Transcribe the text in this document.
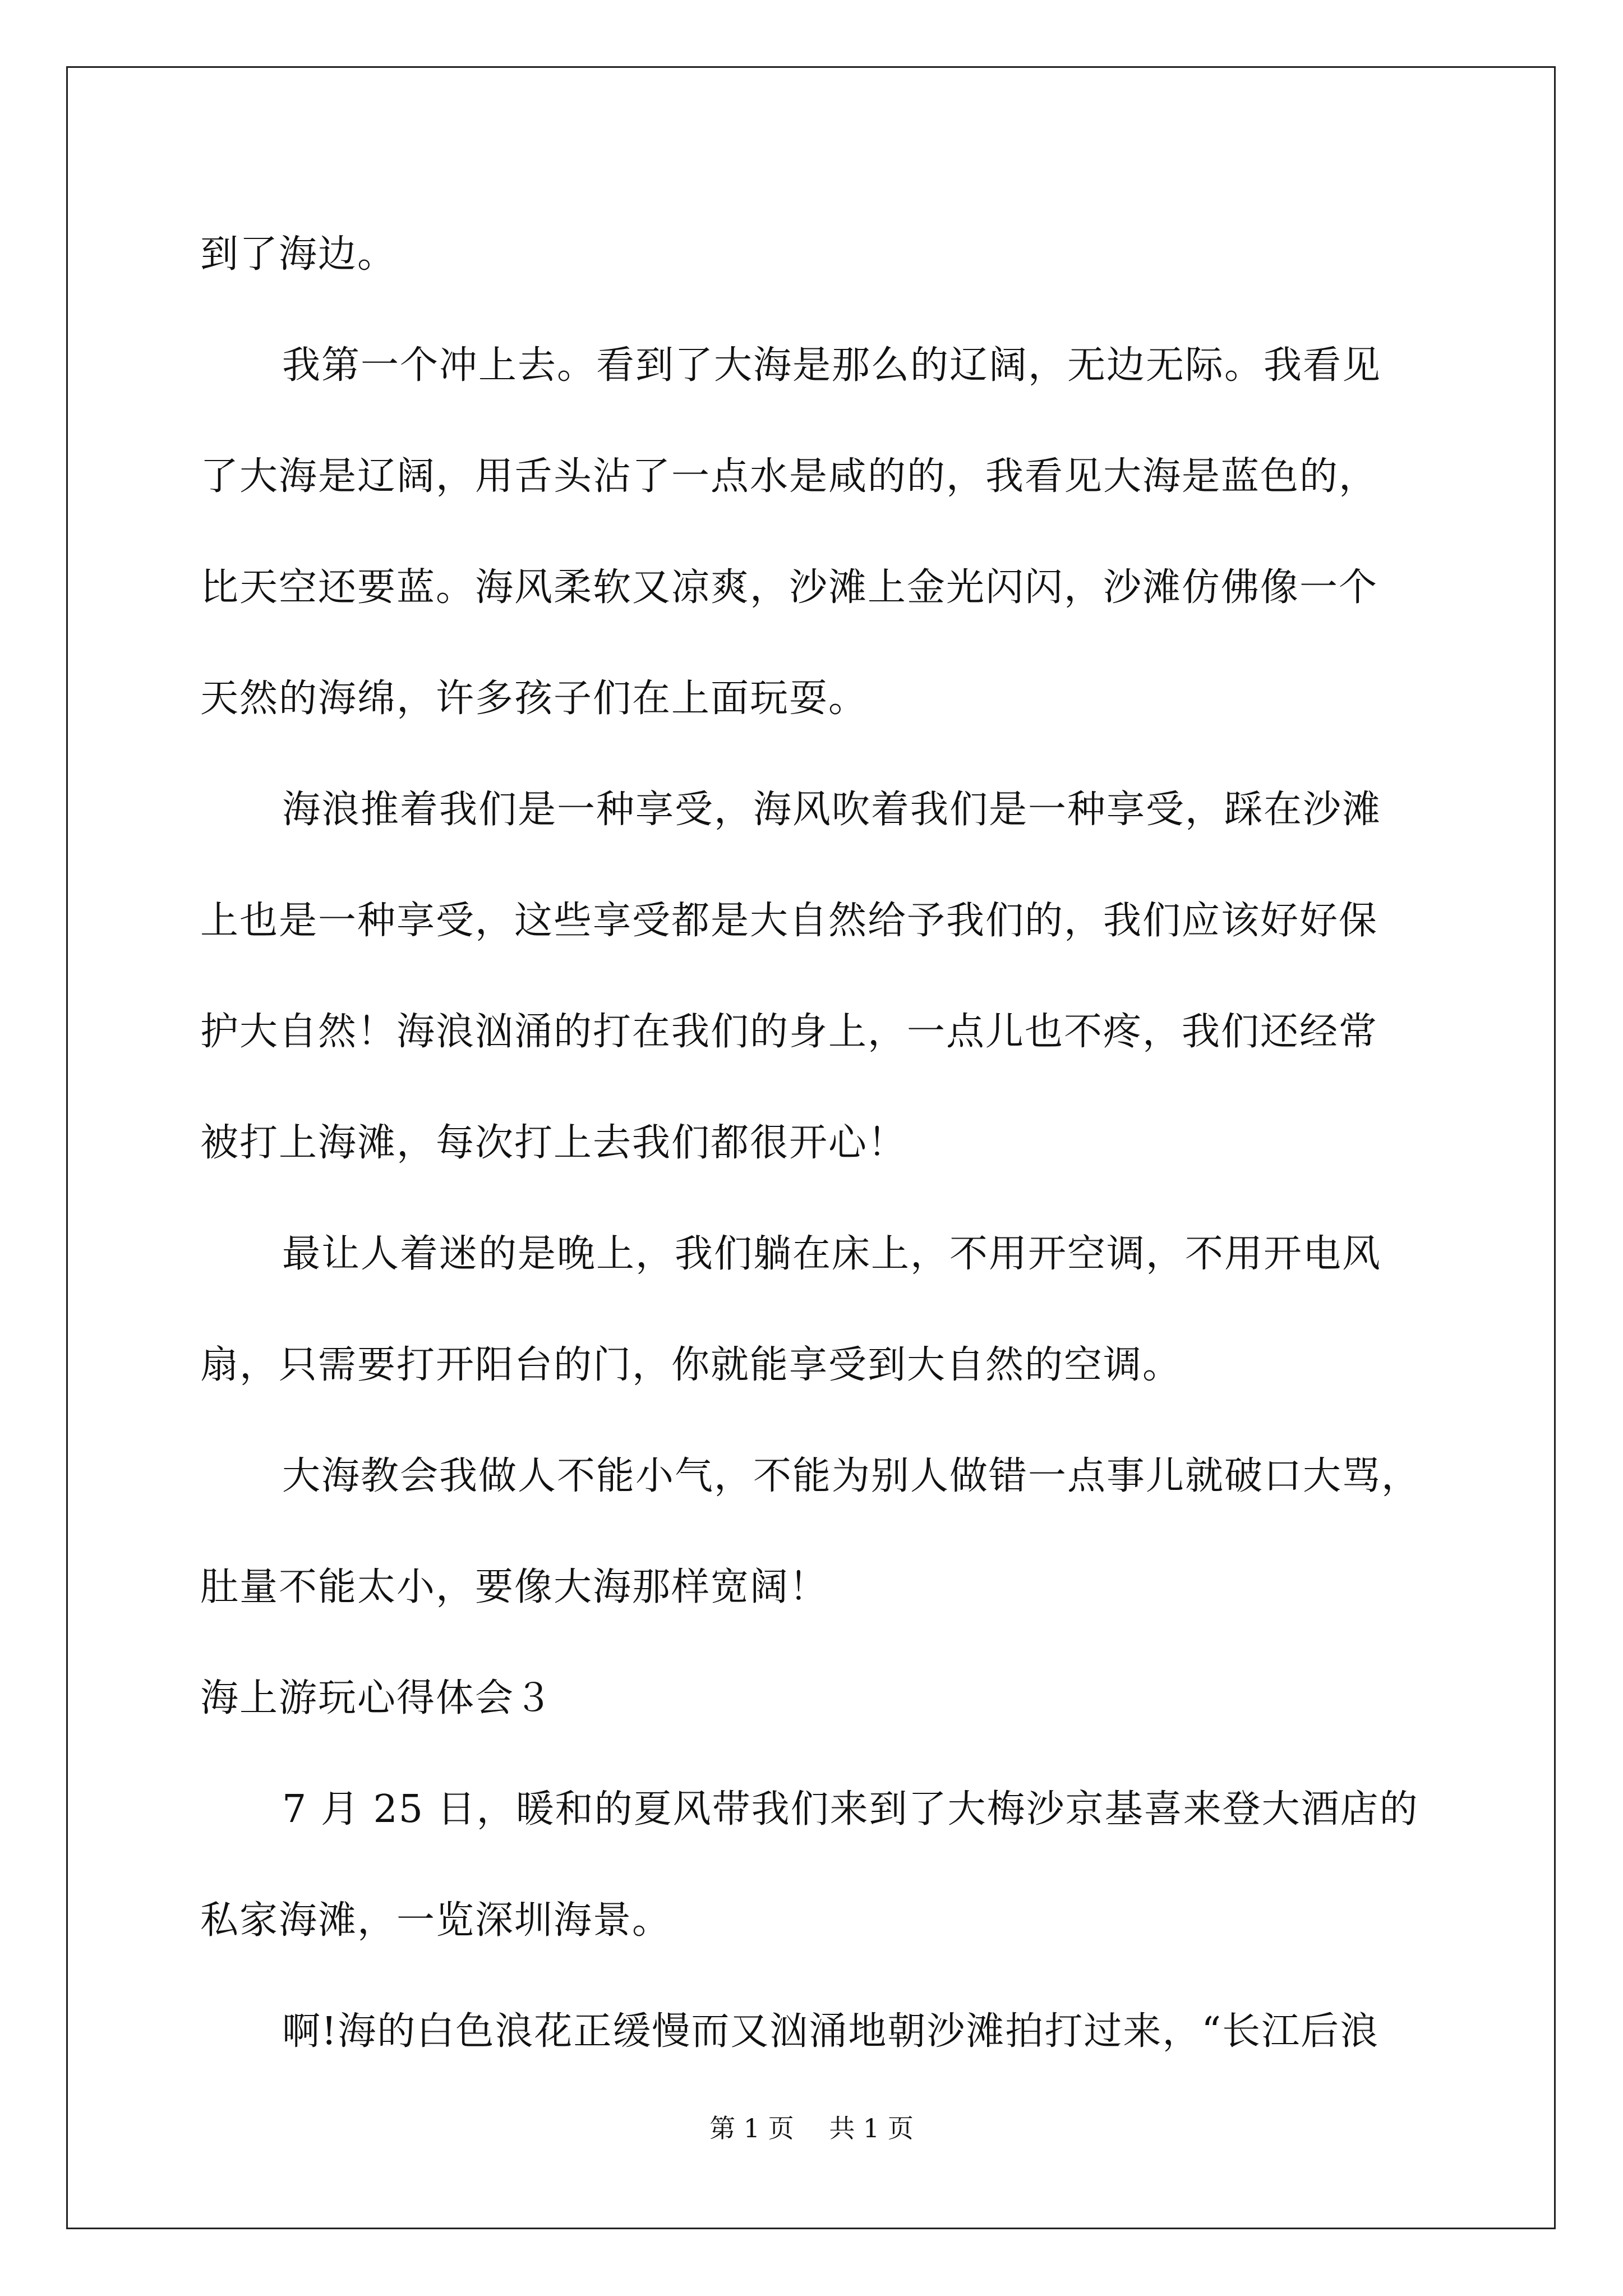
到了海边。
我第一个冲上去。看到了大海是那么的辽阔，无边无际。我看见
了大海是辽阔，用舌头沾了一点水是咸的的，我看见大海是蓝色的，
比天空还要蓝。海风柔软又凉爽，沙滩上金光闪闪，沙滩仿佛像一个
天然的海绵，许多孩子们在上面玩耍。
海浪推着我们是一种享受，海风吹着我们是一种享受，踩在沙滩
上也是一种享受，这些享受都是大自然给予我们的，我们应该好好保
护大自然！海浪汹涌的打在我们的身上，一点儿也不疼，我们还经常
被打上海滩，每次打上去我们都很开心！
最让人着迷的是晚上，我们躺在床上，不用开空调，不用开电风
扇，只需要打开阳台的门，你就能享受到大自然的空调。
大海教会我做人不能小气，不能为别人做错一点事儿就破口大骂，
肚量不能太小，要像大海那样宽阔！
海上游玩心得体会３
7 月 25 日，暖和的夏风带我们来到了大梅沙京基喜来登大酒店的
私家海滩，一览深圳海景。
啊!海的白色浪花正缓慢而又汹涌地朝沙滩拍打过来，“长江后浪
第 1 页 共 1 页
